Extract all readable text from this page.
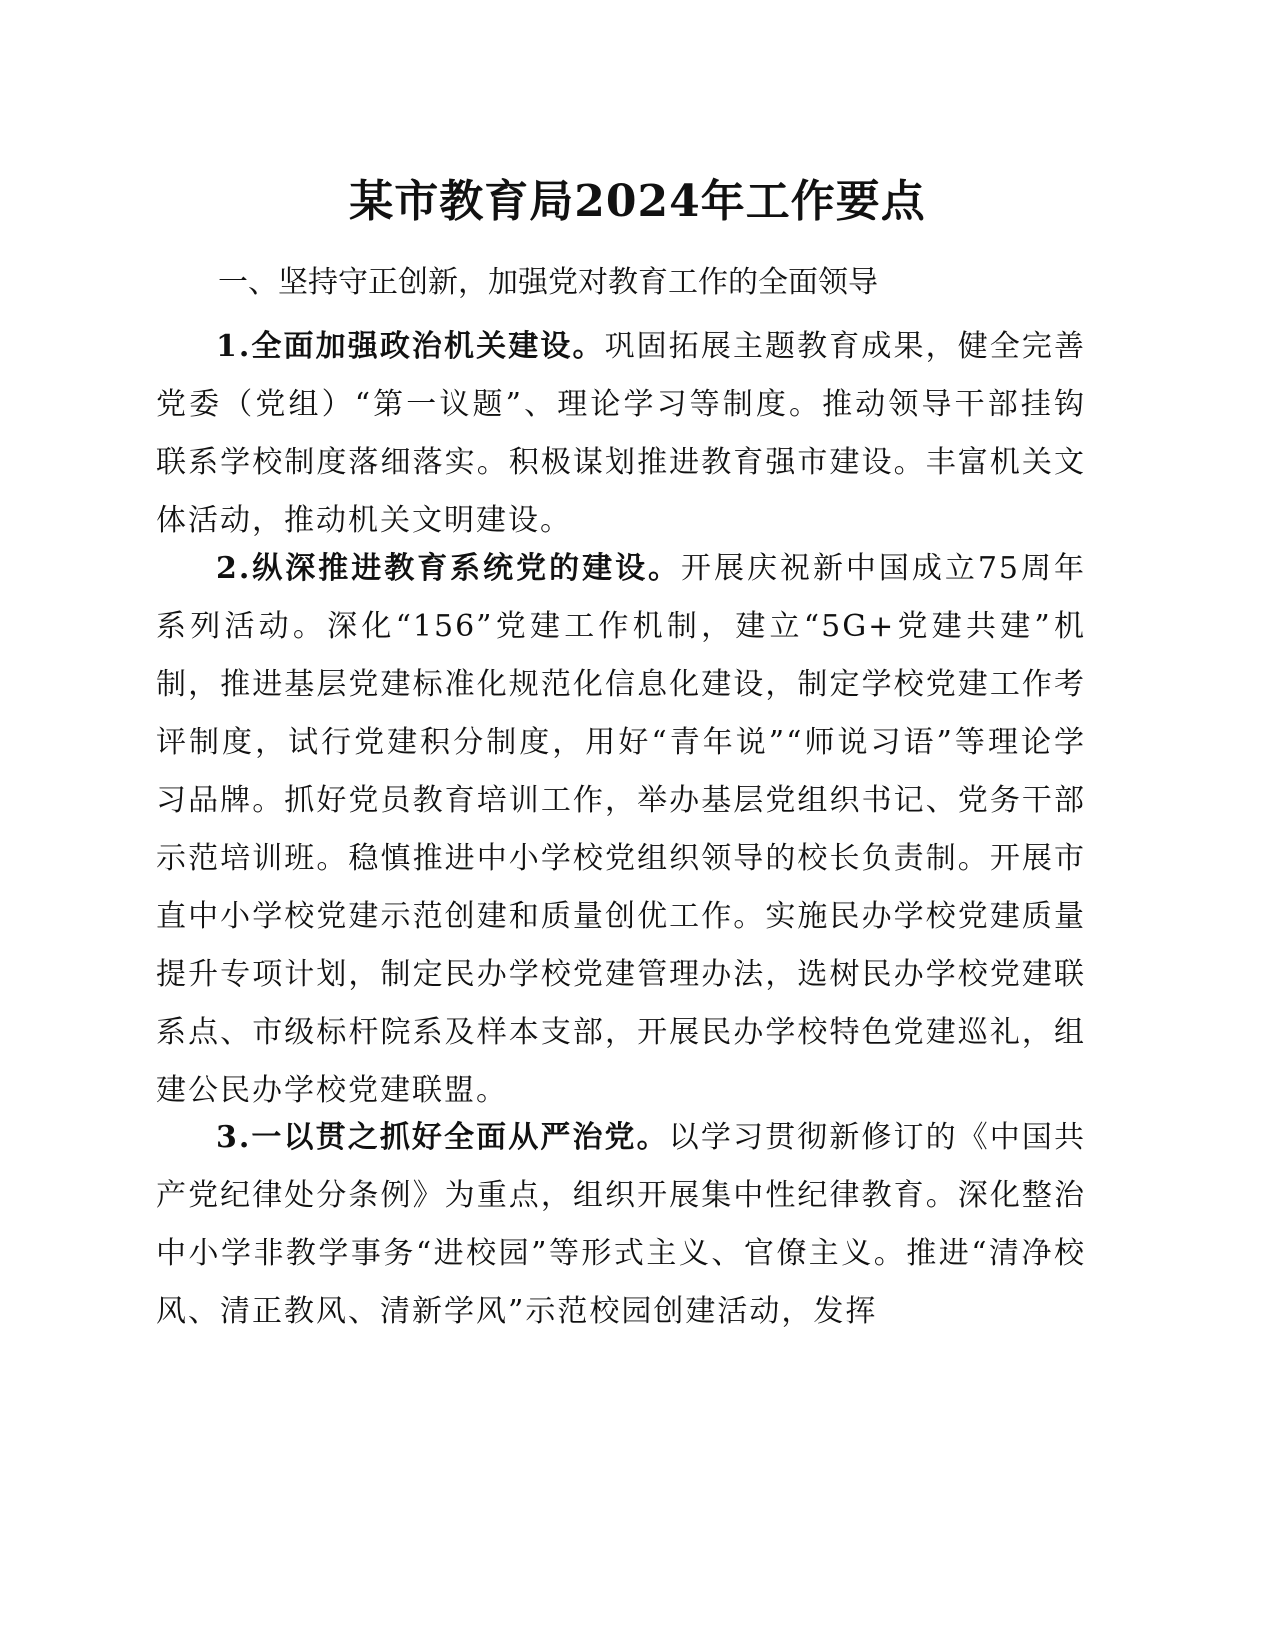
某市教育局2024年工作要点
一、坚持守正创新，加强党对教育工作的全面领导

1.全面加强政治机关建设。巩固拓展主题教育成果，健全完善党委（党组）“第一议题”、理论学习等制度。推动领导干部挂钩联系学校制度落细落实。积极谋划推进教育强市建设。丰富机关文体活动，推动机关文明建设。

2.纵深推进教育系统党的建设。开展庆祝新中国成立75周年系列活动。深化“156”党建工作机制，建立“5G+党建共建”机制，推进基层党建标准化规范化信息化建设，制定学校党建工作考评制度，试行党建积分制度，用好“青年说”“师说习语”等理论学习品牌。抓好党员教育培训工作，举办基层党组织书记、党务干部示范培训班。稳慎推进中小学校党组织领导的校长负责制。开展市直中小学校党建示范创建和质量创优工作。实施民办学校党建质量提升专项计划，制定民办学校党建管理办法，选树民办学校党建联系点、市级标杆院系及样本支部，开展民办学校特色党建巡礼，组建公民办学校党建联盟。

3.一以贯之抓好全面从严治党。以学习贯彻新修订的《中国共产党纪律处分条例》为重点，组织开展集中性纪律教育。深化整治中小学非教学事务“进校园”等形式主义、官僚主义。推进“清净校风、清正教风、清新学风”示范校园创建活动，发挥
